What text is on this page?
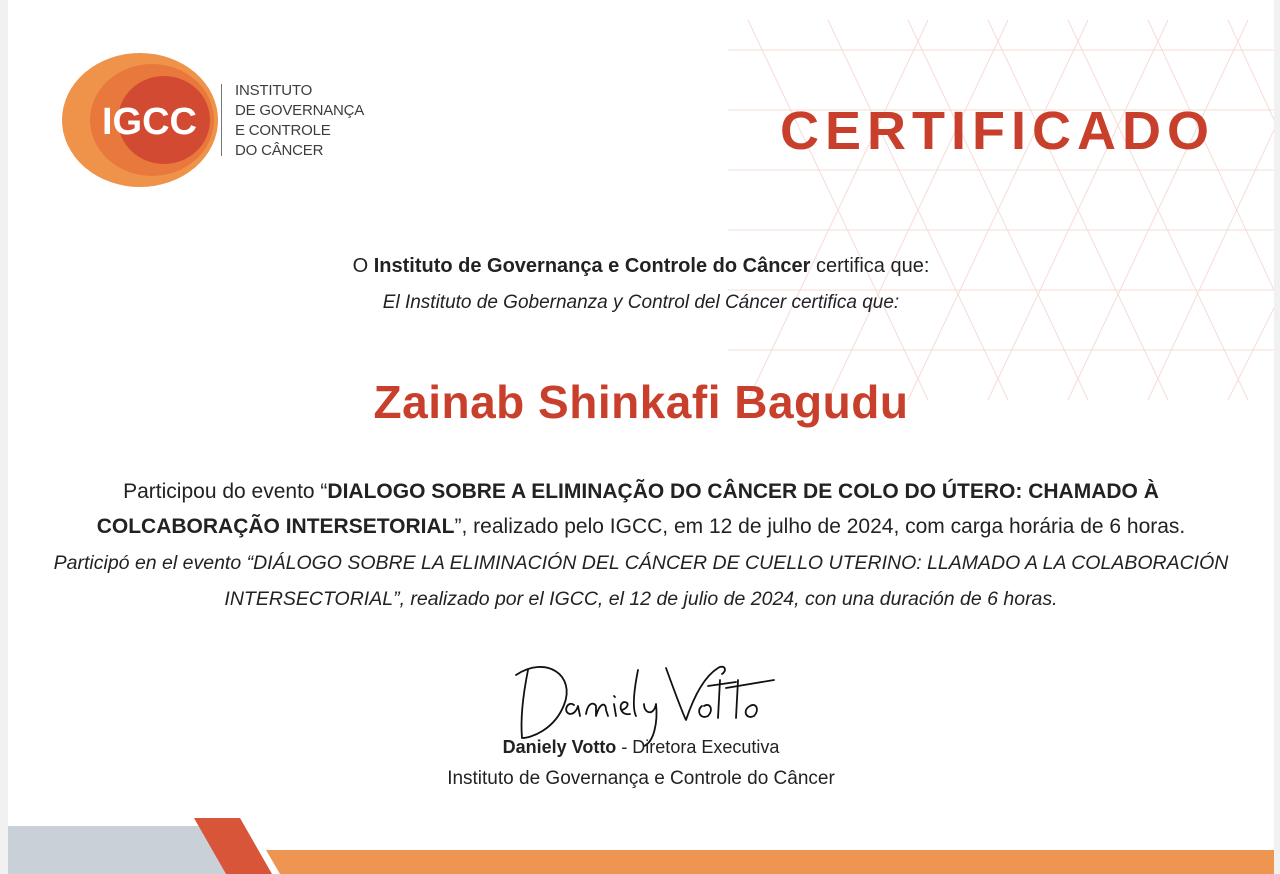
IGCC
INSTITUTO
DE GOVERNANÇA
E CONTROLE
DO CÂNCER	CERTIFICADO
O Instituto de Governança e Controle do Câncer certifica que:
El Instituto de Gobernanza y Control del Cáncer certifica que:
Zainab Shinkafi Bagudu
Participou do evento “DIALOGO SOBRE A ELIMINAÇÃO DO CÂNCER DE COLO DO ÚTERO: CHAMADO À COLCABORAÇÃO INTERSETORIAL”, realizado pelo IGCC, em 12 de julho de 2024, com carga horária de 6 horas.
Participó en el evento “DIÁLOGO SOBRE LA ELIMINACIÓN DEL CÁNCER DE CUELLO UTERINO: LLAMADO A LA COLABORACIÓN INTERSECTORIAL”, realizado por el IGCC, el 12 de julio de 2024, con una duración de 6 horas.
Daniely Votto - Diretora Executiva
Instituto de Governança e Controle do Câncer
